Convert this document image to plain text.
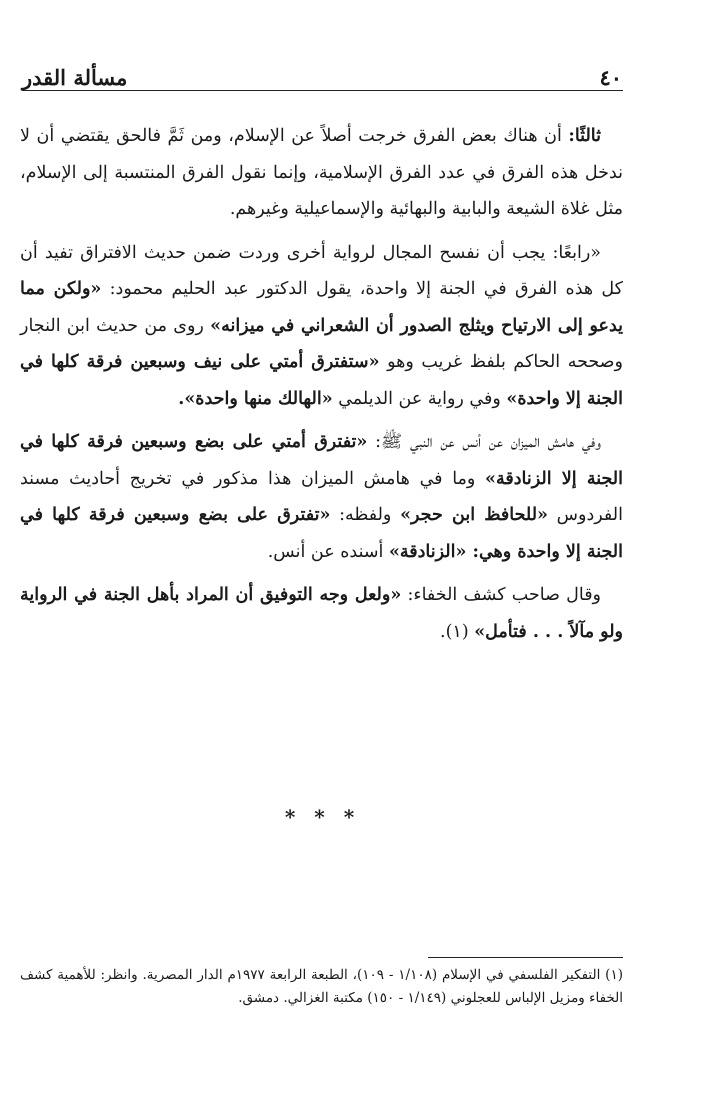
٤٠
مسألة القدر

ثالثًا: أن هناك بعض الفرق خرجت أصلاً عن الإسلام، ومن ثَمَّ فالحق يقتضي أن لا ندخل هذه الفرق في عدد الفرق الإسلامية، وإنما نقول الفرق المنتسبة إلى الإسلام، مثل غلاة الشيعة والبابية والبهائية والإسماعيلية وغيرهم.

«رابعًا: يجب أن نفسح المجال لرواية أخرى وردت ضمن حديث الافتراق تفيد أن كل هذه الفرق في الجنة إلا واحدة، يقول الدكتور عبد الحليم محمود: «ولكن مما يدعو إلى الارتياح ويثلج الصدور أن الشعراني في ميزانه» روى من حديث ابن النجار وصححه الحاكم بلفظ غريب وهو «ستفترق أمتي على نيف وسبعين فرقة كلها في الجنة إلا واحدة» وفي رواية عن الديلمي «الهالك منها واحدة».

وفي هامش الميزان عن أنس عن النبي ﷺ: «تفترق أمتي على بضع وسبعين فرقة كلها في الجنة إلا الزنادقة» وما في هامش الميزان هذا مذكور في تخريج أحاديث مسند الفردوس «للحافظ ابن حجر» ولفظه: «تفترق على بضع وسبعين فرقة كلها في الجنة إلا واحدة وهي: «الزنادقة» أسنده عن أنس.

وقال صاحب كشف الخفاء: «ولعل وجه التوفيق أن المراد بأهل الجنة في الرواية ولو مآلاً . . . فتأمل» (١).

* * *

(١) التفكير الفلسفي في الإسلام (١/١٠٨ - ١٠٩)، الطبعة الرابعة ١٩٧٧م الدار المصرية. وانظر: للأهمية كشف الخفاء ومزيل الإلباس للعجلوني (١/١٤٩ - ١٥٠) مكتبة الغزالي. دمشق.
